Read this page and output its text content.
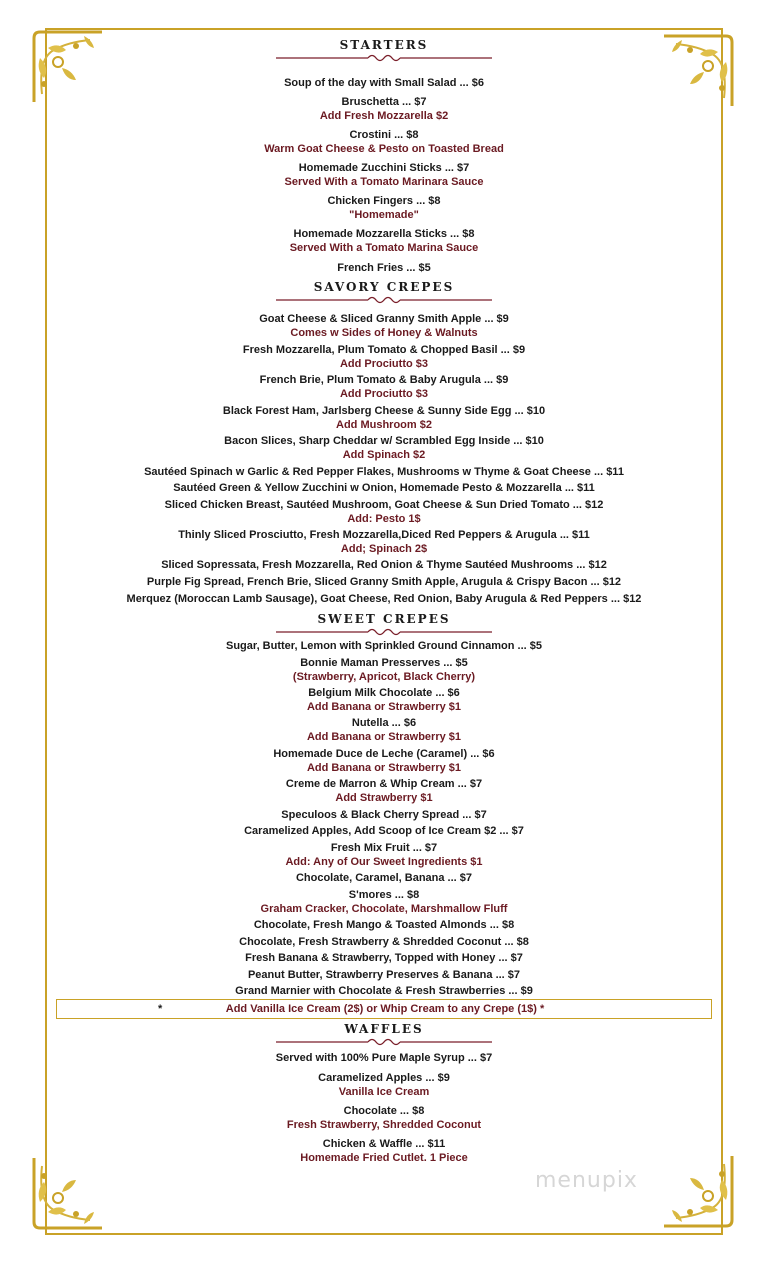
menupix
STARTERS
Soup of the day with Small Salad ... $6
Bruschetta ... $7
Add Fresh Mozzarella $2
Crostini ... $8
Warm Goat Cheese & Pesto on Toasted Bread
Homemade Zucchini Sticks ... $7
Served With a Tomato Marinara Sauce
Chicken Fingers ... $8
"Homemade"
Homemade Mozzarella Sticks ... $8
Served With a Tomato Marina Sauce
French Fries ... $5
SAVORY CREPES
Goat Cheese & Sliced Granny Smith Apple ... $9
Comes w Sides of Honey & Walnuts
Fresh Mozzarella, Plum Tomato & Chopped Basil ... $9
Add Prociutto $3
French Brie, Plum Tomato & Baby Arugula ... $9
Add Prociutto $3
Black Forest Ham, Jarlsberg Cheese & Sunny Side Egg ... $10
Add Mushroom $2
Bacon Slices, Sharp Cheddar w/ Scrambled Egg Inside ... $10
Add Spinach $2
Sautéed Spinach w Garlic & Red Pepper Flakes, Mushrooms w Thyme & Goat Cheese ... $11
Sautéed Green & Yellow Zucchini w Onion, Homemade Pesto & Mozzarella ... $11
Sliced Chicken Breast, Sautéed Mushroom, Goat Cheese & Sun Dried Tomato ... $12
Add: Pesto 1$
Thinly Sliced Prosciutto, Fresh Mozzarella,Diced Red Peppers & Arugula ... $11
Add; Spinach 2$
Sliced Sopressata, Fresh Mozzarella, Red Onion & Thyme Sautéed Mushrooms ... $12
Purple Fig Spread, French Brie, Sliced Granny Smith Apple, Arugula & Crispy Bacon ... $12
Merquez (Moroccan Lamb Sausage), Goat Cheese, Red Onion, Baby Arugula & Red Peppers ... $12
SWEET CREPES
Sugar, Butter, Lemon with Sprinkled Ground Cinnamon ... $5
Bonnie Maman Presserves ... $5
(Strawberry, Apricot, Black Cherry)
Belgium Milk Chocolate ... $6
Add Banana or Strawberry $1
Nutella ... $6
Add Banana or Strawberry $1
Homemade Duce de Leche (Caramel) ... $6
Add Banana or Strawberry $1
Creme de Marron & Whip Cream ... $7
Add Strawberry $1
Speculoos & Black Cherry Spread ... $7
Caramelized Apples, Add Scoop of Ice Cream $2 ... $7
Fresh Mix Fruit ... $7
Add: Any of Our Sweet Ingredients $1
Chocolate, Caramel, Banana ... $7
S'mores ... $8
Graham Cracker, Chocolate, Marshmallow Fluff
Chocolate, Fresh Mango & Toasted Almonds ... $8
Chocolate, Fresh Strawberry & Shredded Coconut ... $8
Fresh Banana & Strawberry, Topped with Honey ... $7
Peanut Butter, Strawberry Preserves & Banana ... $7
Grand Marnier with Chocolate & Fresh Strawberries ... $9
*	Add Vanilla Ice Cream (2$) or Whip Cream to any Crepe (1$) *
WAFFLES
Served with 100% Pure Maple Syrup ... $7
Caramelized Apples ... $9
Vanilla Ice Cream
Chocolate ... $8
Fresh Strawberry, Shredded Coconut
Chicken & Waffle ... $11
Homemade Fried Cutlet. 1 Piece
